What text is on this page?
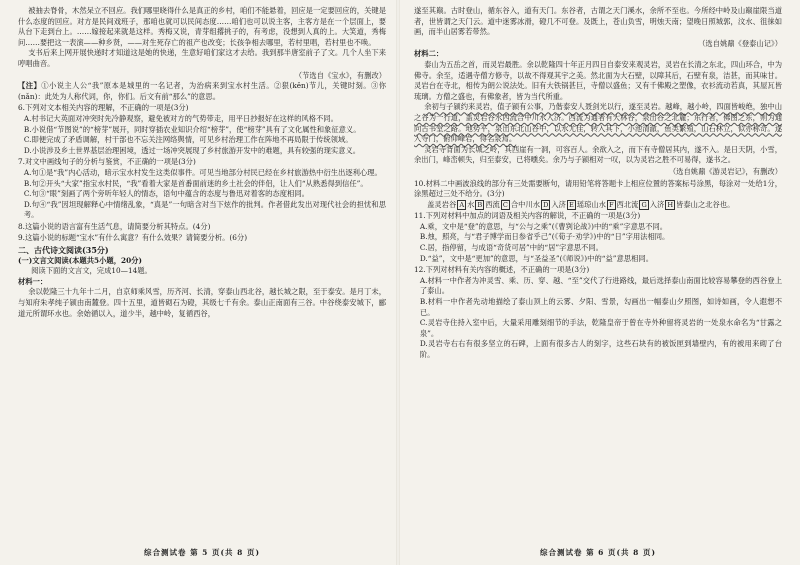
被抽去脊骨，木然呆立不回应。我们哪里晓得什么是真正的乡村，咱们不能悬着，回应是一定要回应的，关键是什么态度的回应。对方是民间戏班子，那咱也就可以民间态度……咱们也可以说主客，主客方是在一个层面上，要从台下走到台上。……嫁接起来就是这样。秀梅又说，青芽组撂挑子的，有考虑，没想到人真的上。大笑道，秀梅问……要把这一表演——种乡贤，——对生死存亡的祖产也改变；长孩争相去哪里，若村里唱，若村里也不唤。

支书后来上网开展快递时才知道这是她的快递，生意好咱们家这才去给。我到那半唐室前子了文。几个人坐下来哼唱曲音。

（节选自《宝水》，有删改）

【注】①小说主人公“我”原本是城里的一名记者，为治病来到宝水村生活。②狠(kěn)节儿，关键时刻。③你(nǎn)：此处为人称代词，你，你们。后文有前“那么”的意思。

6.下列对文本相关内容的理解，不正确的一项是(3分)

A.村书记大英面对冲突时先冷静观察，避免被对方的气势带走，用平日抄报好在这样的风格不同。

B.小说借“节图说”的“榜芽”展开，同时穿插农业知识介绍“榜芽”，使“榜芽”具有了文化属性和象征意义。

C.即便完成了矛盾调解，村干部也不忘关注网络舆情，可见乡村治理工作在阵地不再局限于传统领域。

D.小说涉及乡土世界基层治理困境，透过一场冲突展现了乡村旅游开发中的难题，具有较强的现实意义。

7.对文中画线句子的分析与鉴赏，不正确的一项是(3分)

A.句①是“我”内心活动，暗示宝水村发生这类似事件。可见当地部分村民已经在乡村旅游热中衍生出逐利心理。

B.句②开头“大家”指宝水村民，“我”看着大家是首番面前迷的乡土社会的伴侣，让人们“从熟悉得到信任”。

C.句③“眼”刻画了两个旁听年轻人的情态，语句中蕴含的态度与鲁迅对着客的态度相同。

D.句④“我”因坦现解释心中情绪乱象，“真是”一句暗含对当下炫作的批判。作者借此发出对现代社会的担忧和思考。

8.这篇小说的语言富有生活气息，请简要分析其特点。(4分)

9.这篇小说的标题“宝水”有什么寓意？有什么效果？请简要分析。(6分)

二、古代诗文阅读(35分)

(一)文言文阅读(本题共5小题，20分)

阅读下面的文言文，完成10—14题。

材料一：

余以乾隆三十九年十二月，自京师乘风雪，历齐河、长清，穿泰山西北谷，越长城之限，至于泰安。是月丁未，与知府朱孝纯子颍由南麓登。四十五里，道皆砌石为磴，其级七千有余。泰山正南面有三谷。中谷绕泰安城下，郦道元所谓环水也。余始循以入，道少半，越中岭，复循西谷，

综合测试卷 第 5 页(共 8 页)

遂至其巅。古时登山，循东谷入，道有天门。东谷者，古谓之天门溪水，余所不至也。今所经中岭及山巅崖限当道者，世皆谓之天门云。道中迷雾冰滑，磴几不可登。及既上，苍山负雪，明烛天南；望晚日照城郭，汶水、徂徕如画，而半山居雾若带然。

（选自姚鼐《登泰山记》）

材料二：

泰山为五岳之首，而灵岩最胜。余以乾隆四十年正月四日自泰安来观灵岩，灵岩在长清之东北，四山环合，中为佛寺。余至，适遇寺僧方修寺，以故不得观其宇之美。然北面为大石壁，以障其后，石壁有泉，洁甚，而其味甘。灵岩台在寺北，相传为朗公说法处。旧有大铁锅甚巨，寺僧以盛鱼；又有千佛殿之塑像，衣衫流动若真，其屋瓦皆琉璃。方僧之盛也，有佛象者，皆为当代所重。

余初与子颍约来灵岩，值子颍有公事，乃偕泰安人聂剑光以行，遂至灵岩。越峰，越小岭，四面皆峻绝，独中山之谷为一行道，盖灵岩谷水西流合中川水入济。西流为通者有大林谷，泉出谷之北麓；东行者，佛图之东，则为通向古书堂之路。地势平，泉出东北山谷中，以水尤佳，转入其下，小池清澈，鱼类繁殖，山石林立，似亦称奇。遂入寺门，俯仰峰岩，得名泉焉。

灵岩寺背面为长城之岭，其西崖有一洞，可容百人。余欲入之，而下有寺僧居其内，遂不入。是日天阴，小雪，余出门，峰峦顿失，归至泰安，已将曛矣。余乃与子颍相对一叹，以为灵岩之胜不可易得，遂书之。

（选自姚鼐《游灵岩记》，有删改）

10.材料二中画波浪线的部分有三处需要断句，请用铅笔将答题卡上相应位置的答案标号涂黑，每涂对一处给1分，涂黑超过三处不给分。(3分)

盖灵岩谷 A 水 B 西流 C 合中川水 D 入济 E 瑶琼山水 F 西北流 G 入济 H 皆泰山之北谷也。

11.下列对材料中加点的词语及相关内容的解说，不正确的一项是(3分)

A.乘，文中是“登”的意思，与“公与之乘”(《曹刿论战》)中的“乘”字意思不同。

B.烛，照亮，与“君子博学而日参省乎己”(《荀子·劝学》)中的“日”字用法相同。

C.居，指停留，与成语“奇货可居”中的“居”字意思不同。

D.“益”，文中是“更加”的意思，与“圣益圣”(《师说》)中的“益”意思相同。

12.下列对材料有关内容的概述，不正确的一项是(3分)

A.材料一中作者为冲灵雪、乘、历、穿、越、“至”交代了行进路线，最后选择泰山南面比较容易攀登的西谷登上了泰山。

B.材料一中作者先动地描绘了泰山顶上的云雾、夕阳、雪景，勾画出一幅泰山夕照图，如诗如画，令人遐想不已。

C.灵岩寺住持入室中后，大量采用雕刻细节的手法，乾隆皇帝于曾在寺外种留将灵岩的一处泉水命名为“甘露之泉”。

D.灵岩寺右右有很多坚立的石碑，上面有很多古人的刻字，这些石块有的被饭匣到墙壁内，有的被用来砌了台阶。

综合测试卷 第 6 页(共 8 页)
